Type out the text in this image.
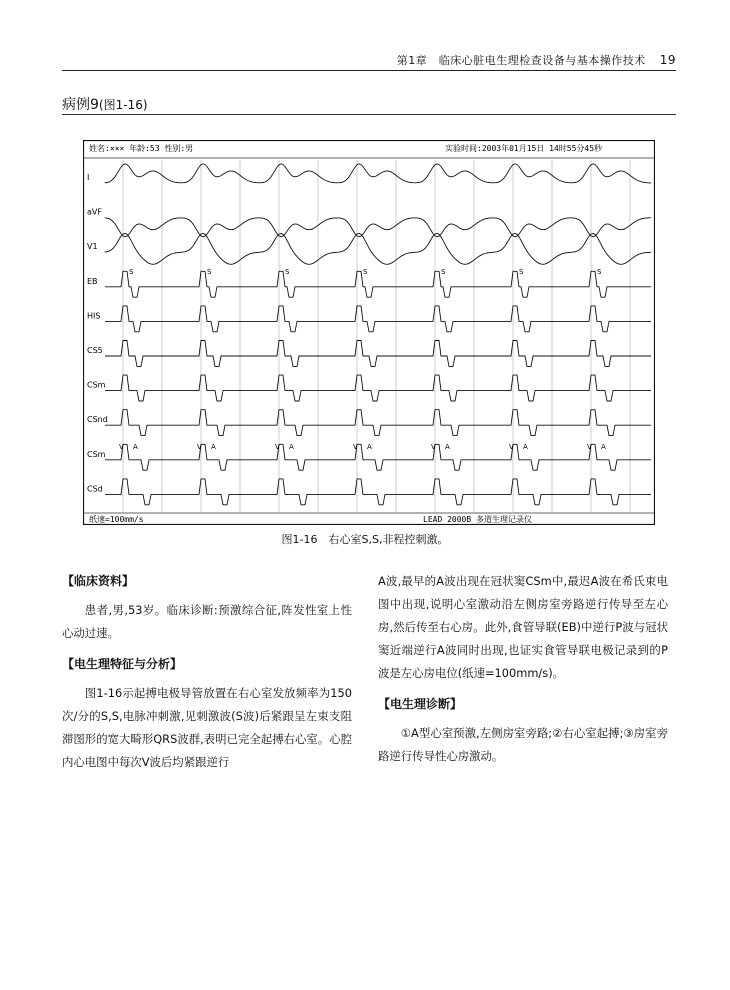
第1章　临床心脏电生理检查设备与基本操作技术 19
病例9(图1-16)
姓名:××× 年龄:53 性别:男	实验时间:2003年01月15日 14时55分45秒
I
aVF
V1
EB
HIS
CS5
CSm
CSnd
CSm
CSd
S
V A
S
V A
S
V A
S
V A
S
V A
S
V A
S
V A
纸速=100mm/s	LEAD 2000B 多道生理记录仪
图1-16　右心室S,S,非程控刺激。

【临床资料】

患者,男,53岁。临床诊断:预激综合征,阵发性室上性心动过速。

【电生理特征与分析】

图1-16示起搏电极导管放置在右心室发放频率为150次/分的S,S,电脉冲刺激,见刺激波(S波)后紧跟呈左束支阻滞图形的宽大畸形QRS波群,表明已完全起搏右心室。心腔内心电图中每次V波后均紧跟逆行

A波,最早的A波出现在冠状窦CSm中,最迟A波在希氏束电图中出现,说明心室激动沿左侧房室旁路逆行传导至左心房,然后传至右心房。此外,食管导联(EB)中逆行P波与冠状窦近端逆行A波同时出现,也证实食管导联电极记录到的P波是左心房电位(纸速=100mm/s)。

【电生理诊断】

①A型心室预激,左侧房室旁路;②右心室起搏;③房室旁路逆行传导性心房激动。
